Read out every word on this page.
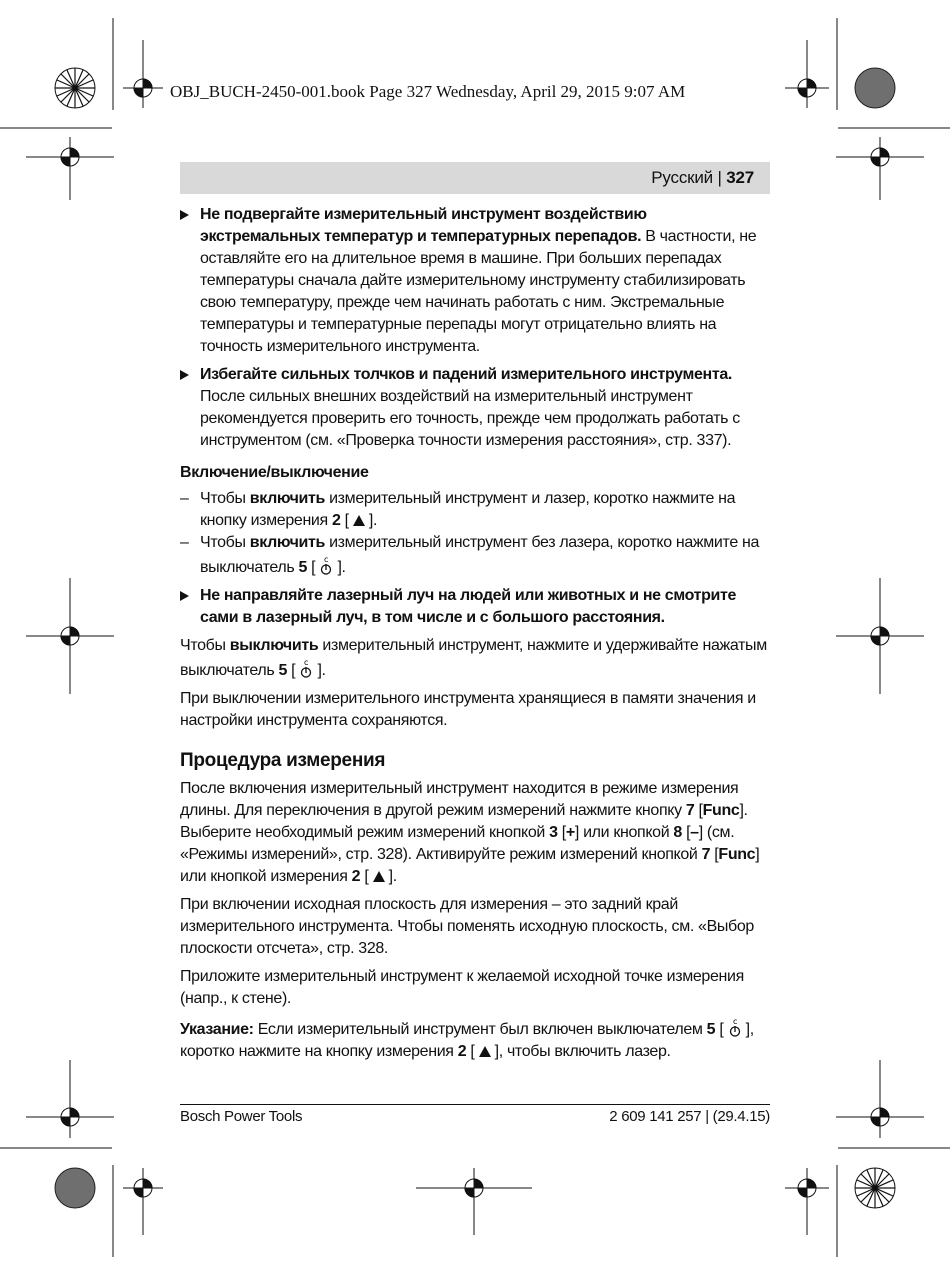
OBJ_BUCH-2450-001.book Page 327 Wednesday, April 29, 2015 9:07 AM
Русский | 327
Не подвергайте измерительный инструмент воздействию экстремальных температур и температурных перепадов. В частности, не оставляйте его на длительное время в машине. При больших перепадах температуры сначала дайте измерительному инструменту стабилизировать свою температуру, прежде чем начинать работать с ним. Экстремальные температуры и температурные перепады могут отрицательно влиять на точность измерительного инструмента.
Избегайте сильных толчков и падений измерительного инструмента. После сильных внешних воздействий на измерительный инструмент рекомендуется проверить его точность, прежде чем продолжать работать с инструментом (см. «Проверка точности измерения расстояния», стр. 337).
Включение/выключение
– Чтобы включить измерительный инструмент и лазер, коротко нажмите на кнопку измерения 2 [  ].
– Чтобы включить измерительный инструмент без лазера, коротко нажмите на выключатель 5 [ c ].
Не направляйте лазерный луч на людей или животных и не смотрите сами в лазерный луч, в том числе и с большого расстояния.

Чтобы выключить измерительный инструмент, нажмите и удерживайте нажатым выключатель 5 [ c ].

При выключении измерительного инструмента хранящиеся в памяти значения и настройки инструмента сохраняются.

Процедура измерения

После включения измерительный инструмент находится в режиме измерения длины. Для переключения в другой режим измерений нажмите кнопку 7 [Func]. Выберите необходимый режим измерений кнопкой 3 [+] или кнопкой 8 [–] (см. «Режимы измерений», стр. 328). Активируйте режим измерений кнопкой 7 [Func] или кнопкой измерения 2 [  ].

При включении исходная плоскость для измерения – это задний край измерительного инструмента. Чтобы поменять исходную плоскость, см. «Выбор плоскости отсчета», стр. 328.

Приложите измерительный инструмент к желаемой исходной точке измерения (напр., к стене).

Указание: Если измерительный инструмент был включен выключателем 5 [ c ], коротко нажмите на кнопку измерения 2 [  ], чтобы включить лазер.

Bosch Power Tools	2 609 141 257 | (29.4.15)
